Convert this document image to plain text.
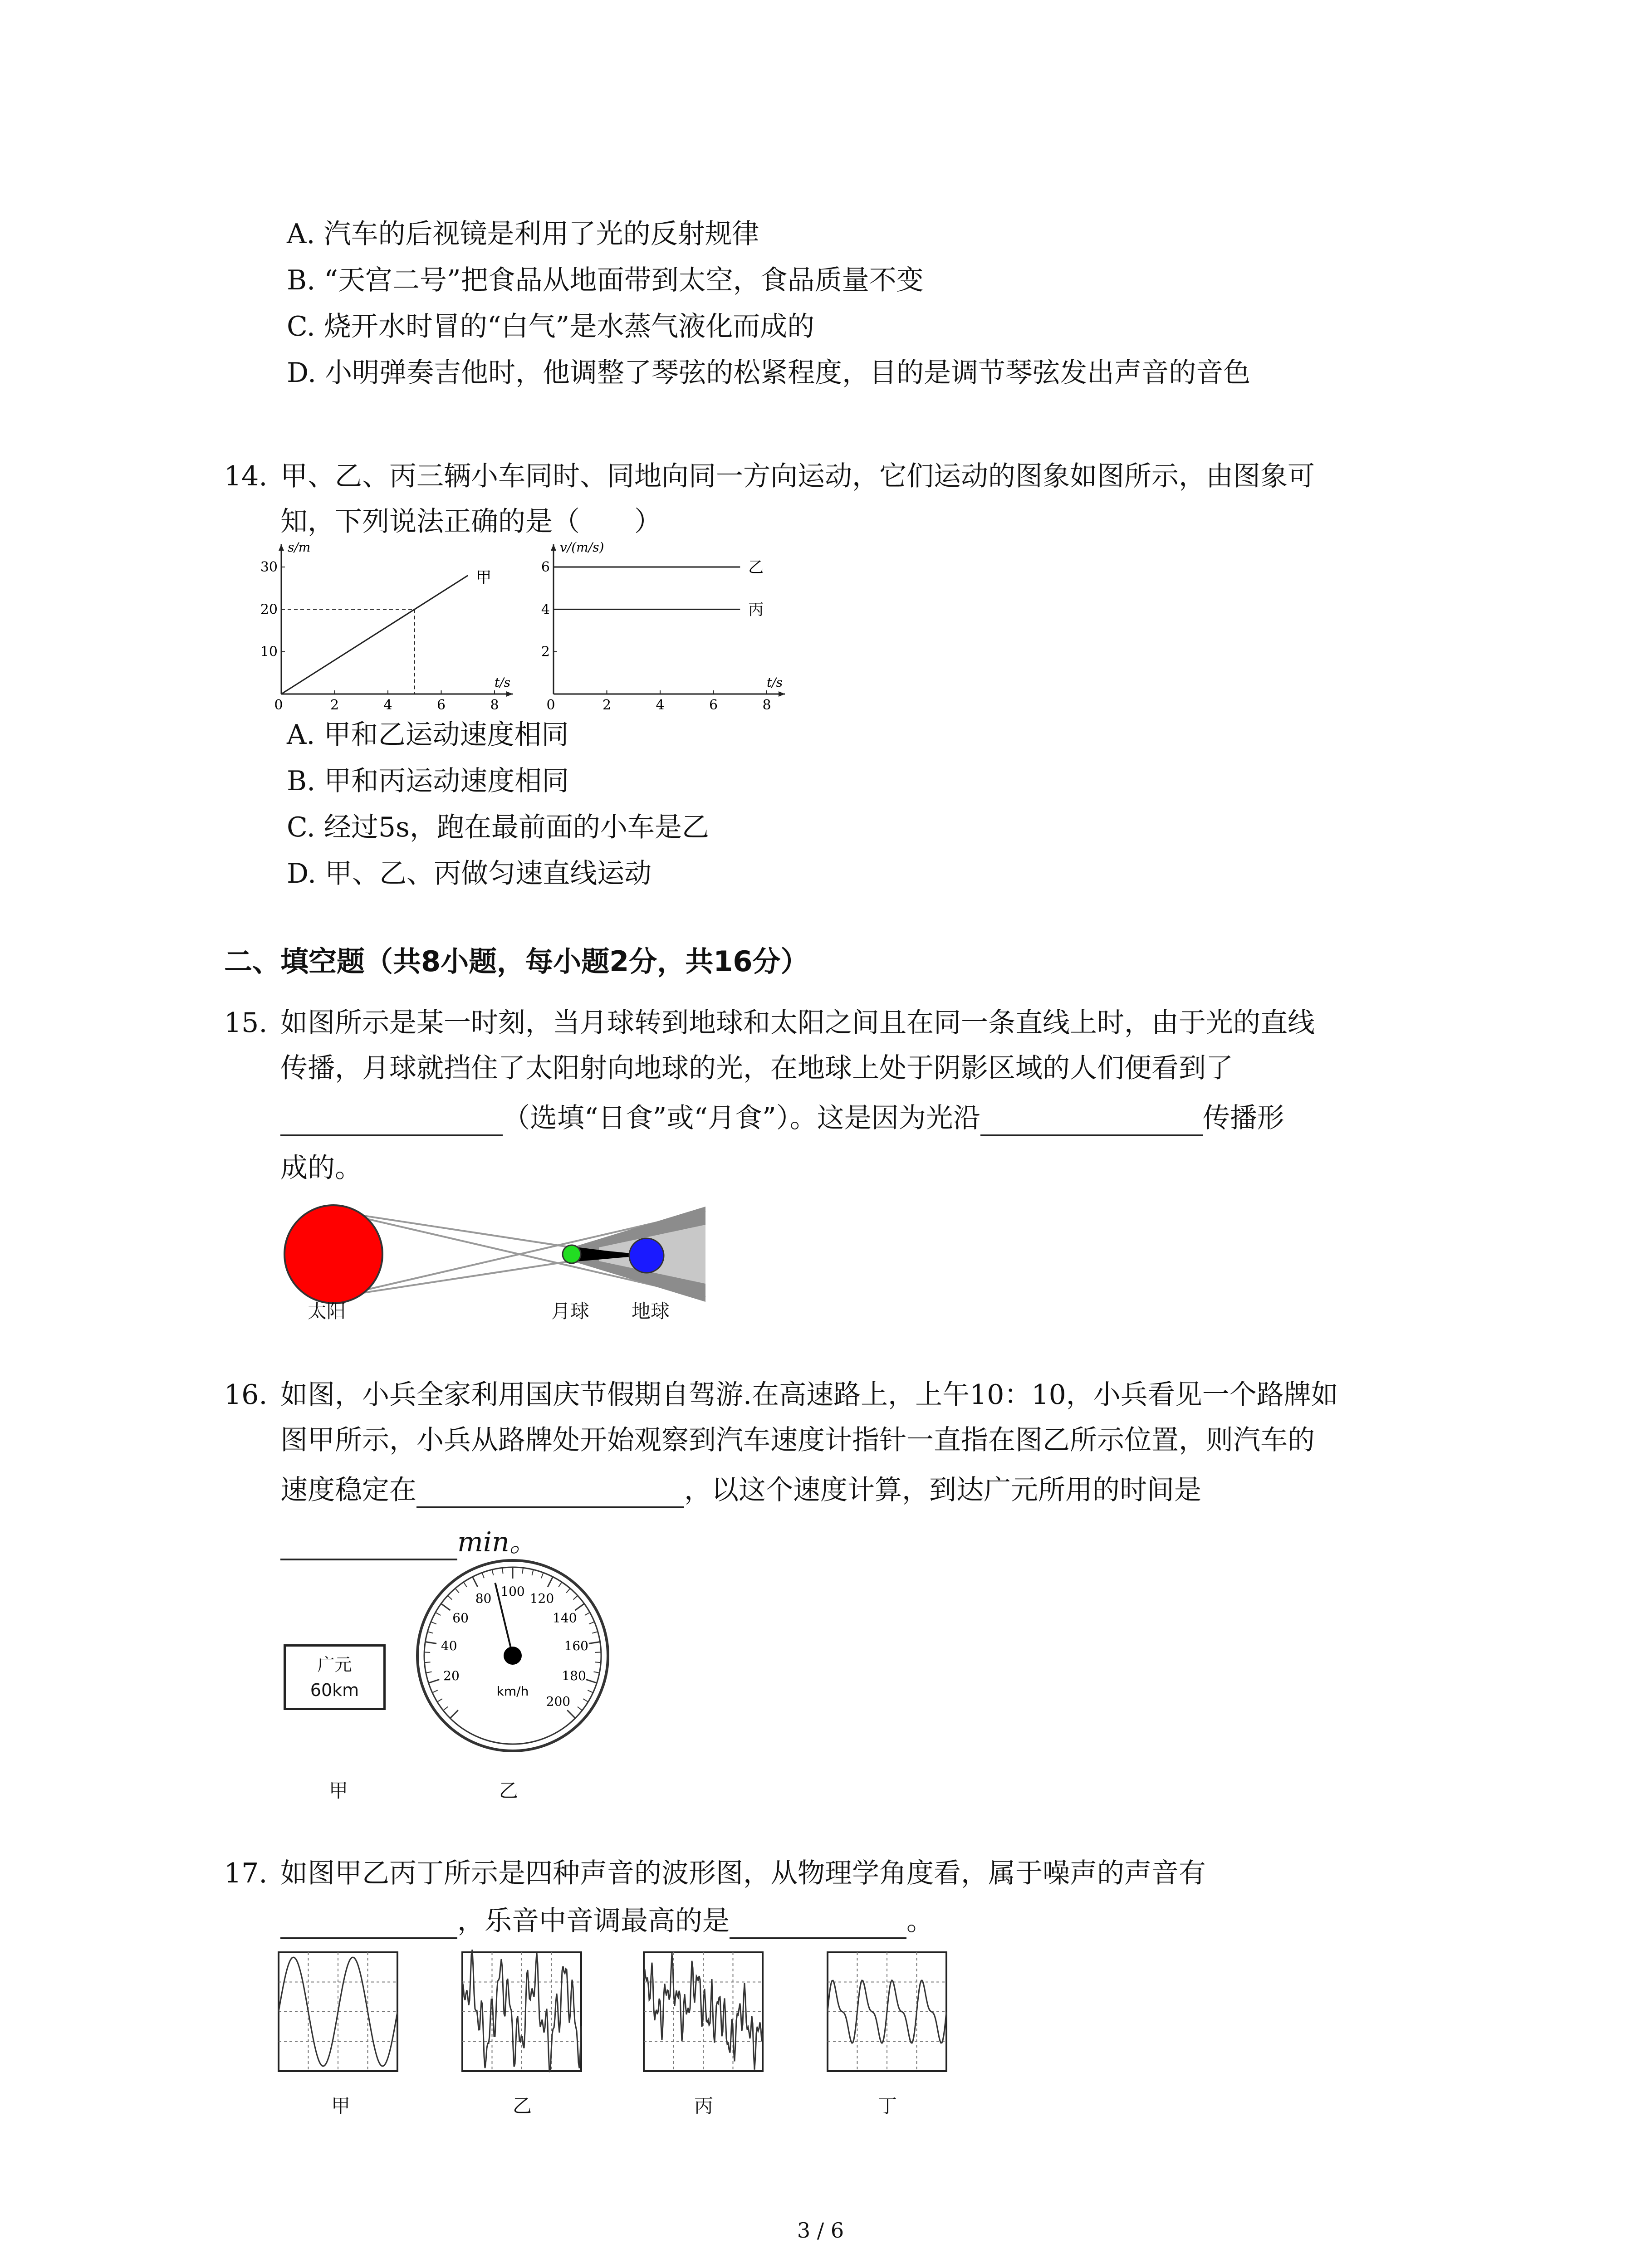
A. 汽车的后视镜是利用了光的反射规律
B. “天宫二号”把食品从地面带到太空，食品质量不变
C. 烧开水时冒的“白气”是水蒸气液化而成的
D. 小明弹奏吉他时，他调整了琴弦的松紧程度，目的是调节琴弦发出声音的音色
14. 甲、乙、丙三辆小车同时、同地向同一方向运动，它们运动的图象如图所示，由图象可
知，下列说法正确的是（　　）
0	2	4	6	8
10
20
30
s/m
t/s
甲
0	2	4	6	8
2
4
6
v/(m/s)
t/s
乙
丙
A. 甲和乙运动速度相同
B. 甲和丙运动速度相同
C. 经过5s，跑在最前面的小车是乙
D. 甲、乙、丙做匀速直线运动
二、填空题（共8小题，每小题2分，共16分）
15. 如图所示是某一时刻，当月球转到地球和太阳之间且在同一条直线上时，由于光的直线
传播，月球就挡住了太阳射向地球的光，在地球上处于阴影区域的人们便看到了
（选填“日食”或“月食”）。这是因为光沿	传播形
成的。
太阳	月球 地球
16. 如图，小兵全家利用国庆节假期自驾游.在高速路上，上午10：10，小兵看见一个路牌如
图甲所示，小兵从路牌处开始观察到汽车速度计指针一直指在图乙所示位置，则汽车的
速度稳定在	，以这个速度计算，到达广元所用的时间是
min。
广元
60km
20
40
60
80 100 120
140
160
180
200
km/h
甲	乙
17. 如图甲乙丙丁所示是四种声音的波形图，从物理学角度看，属于噪声的声音有
，乐音中音调最高的是	。
甲	乙	丙	丁
3 / 6
